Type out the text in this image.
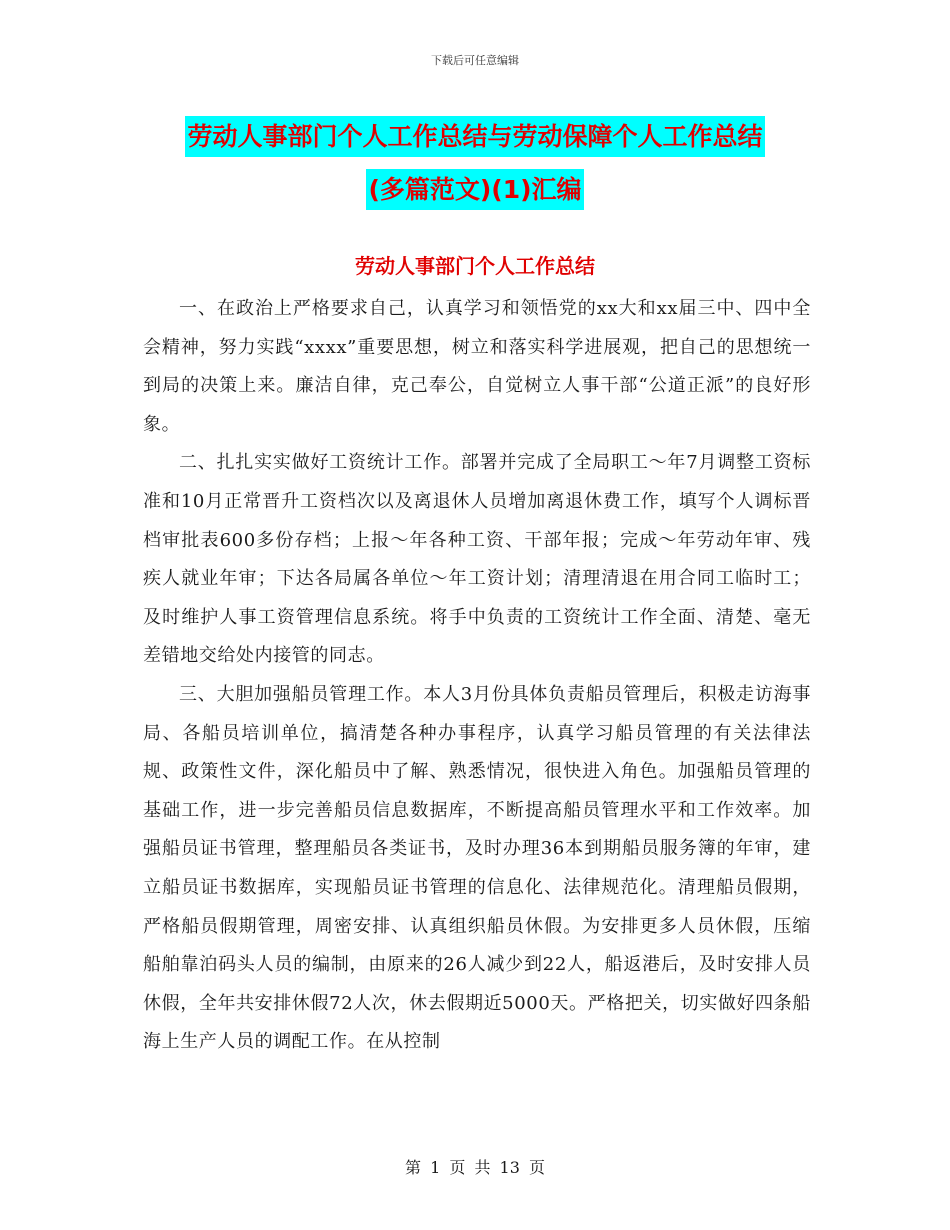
下载后可任意编辑
劳动人事部门个人工作总结与劳动保障个人工作总结
(多篇范文)(1)汇编
劳动人事部门个人工作总结

一、在政治上严格要求自己，认真学习和领悟党的xx大和xx届三中、四中全会精神，努力实践“xxxx”重要思想，树立和落实科学进展观，把自己的思想统一到局的决策上来。廉洁自律，克己奉公，自觉树立人事干部“公道正派”的良好形象。

二、扎扎实实做好工资统计工作。部署并完成了全局职工～年7月调整工资标准和10月正常晋升工资档次以及离退休人员增加离退休费工作，填写个人调标晋档审批表600多份存档；上报～年各种工资、干部年报；完成～年劳动年审、残疾人就业年审；下达各局属各单位～年工资计划；清理清退在用合同工临时工；及时维护人事工资管理信息系统。将手中负责的工资统计工作全面、清楚、毫无差错地交给处内接管的同志。

三、大胆加强船员管理工作。本人3月份具体负责船员管理后，积极走访海事局、各船员培训单位，搞清楚各种办事程序，认真学习船员管理的有关法律法规、政策性文件，深化船员中了解、熟悉情况，很快进入角色。加强船员管理的基础工作，进一步完善船员信息数据库，不断提高船员管理水平和工作效率。加强船员证书管理，整理船员各类证书，及时办理36本到期船员服务簿的年审，建立船员证书数据库，实现船员证书管理的信息化、法律规范化。清理船员假期，严格船员假期管理，周密安排、认真组织船员休假。为安排更多人员休假，压缩船舶靠泊码头人员的编制，由原来的26人减少到22人，船返港后，及时安排人员休假，全年共安排休假72人次，休去假期近5000天。严格把关，切实做好四条船海上生产人员的调配工作。在从控制

第 1 页 共 13 页
